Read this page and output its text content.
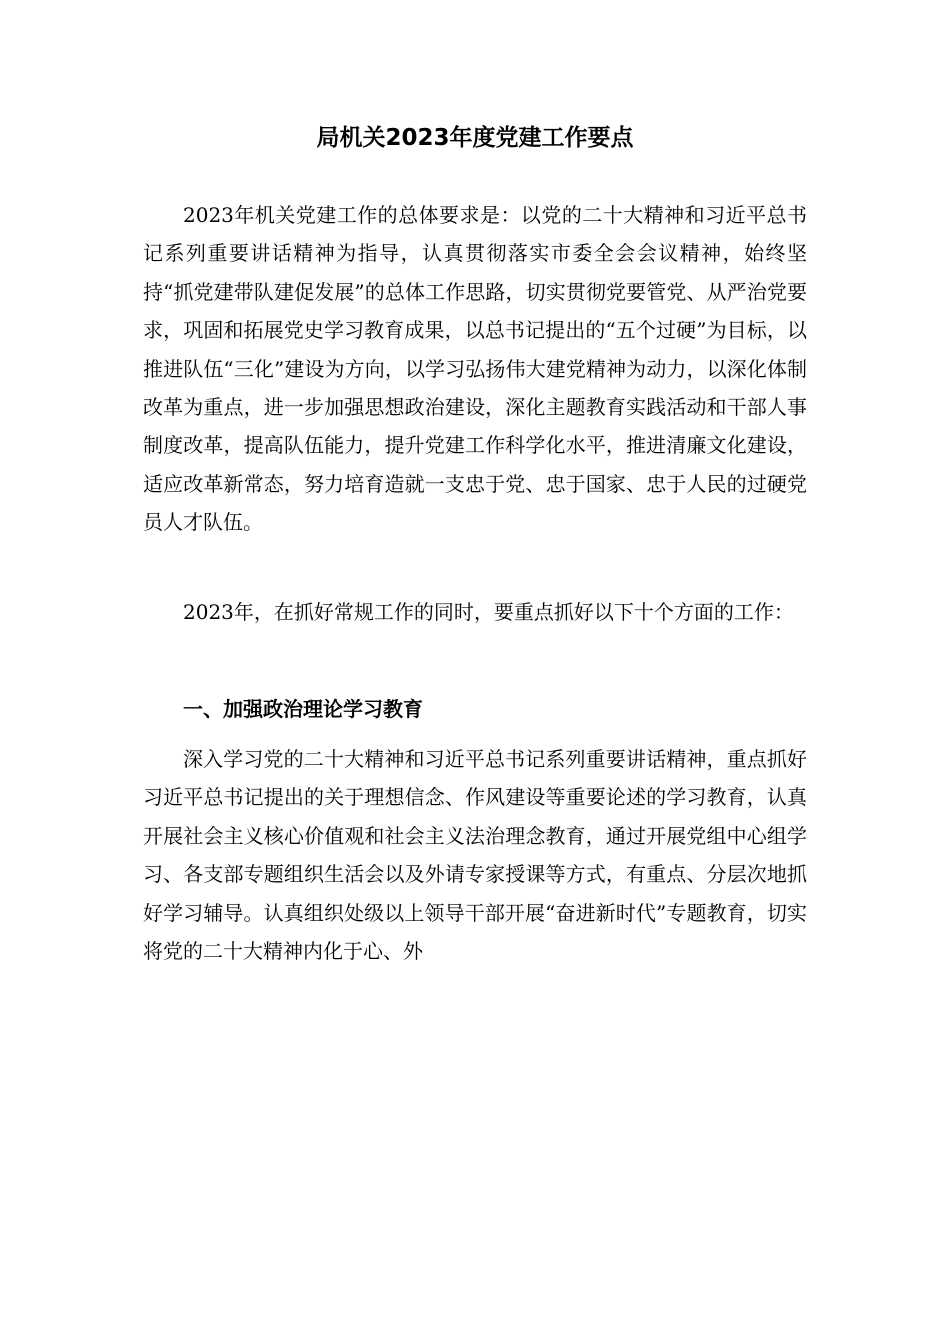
局机关2023年度党建工作要点

2023年机关党建工作的总体要求是：以党的二十大精神和习近平总书记系列重要讲话精神为指导，认真贯彻落实市委全会会议精神，始终坚持“抓党建带队建促发展”的总体工作思路，切实贯彻党要管党、从严治党要求，巩固和拓展党史学习教育成果，以总书记提出的“五个过硬”为目标，以推进队伍“三化”建设为方向，以学习弘扬伟大建党精神为动力，以深化体制改革为重点，进一步加强思想政治建设，深化主题教育实践活动和干部人事制度改革，提高队伍能力，提升党建工作科学化水平，推进清廉文化建设，适应改革新常态，努力培育造就一支忠于党、忠于国家、忠于人民的过硬党员人才队伍。

2023年，在抓好常规工作的同时，要重点抓好以下十个方面的工作：

一、加强政治理论学习教育

深入学习党的二十大精神和习近平总书记系列重要讲话精神，重点抓好习近平总书记提出的关于理想信念、作风建设等重要论述的学习教育，认真开展社会主义核心价值观和社会主义法治理念教育，通过开展党组中心组学习、各支部专题组织生活会以及外请专家授课等方式，有重点、分层次地抓好学习辅导。认真组织处级以上领导干部开展“奋进新时代”专题教育，切实将党的二十大精神内化于心、外
